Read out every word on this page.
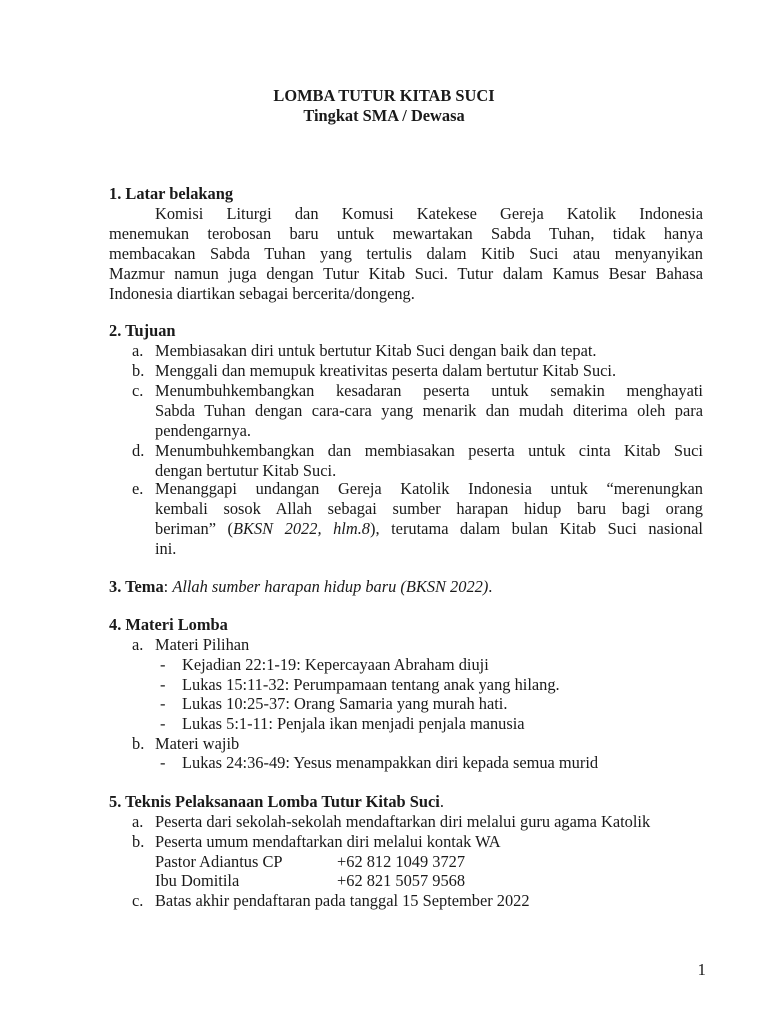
LOMBA TUTUR KITAB SUCI
Tingkat SMA / Dewasa
1. Latar belakang
Komisi Liturgi dan Komusi Katekese Gereja Katolik Indonesia
menemukan terobosan baru untuk mewartakan Sabda Tuhan, tidak hanya
membacakan Sabda Tuhan yang tertulis dalam Kitib Suci atau menyanyikan
Mazmur namun juga dengan Tutur Kitab Suci. Tutur dalam Kamus Besar Bahasa
Indonesia diartikan sebagai bercerita/dongeng.
2. Tujuan
a. Membiasakan diri untuk bertutur Kitab Suci dengan baik dan tepat.
b. Menggali dan memupuk kreativitas peserta dalam bertutur Kitab Suci.
c. Menumbuhkembangkan kesadaran peserta untuk semakin menghayati
Sabda Tuhan dengan cara-cara yang menarik dan mudah diterima oleh para
pendengarnya.
d. Menumbuhkembangkan dan membiasakan peserta untuk cinta Kitab Suci
dengan bertutur Kitab Suci.
e. Menanggapi undangan Gereja Katolik Indonesia untuk “merenungkan
kembali sosok Allah sebagai sumber harapan hidup baru bagi orang
beriman” (BKSN 2022, hlm.8), terutama dalam bulan Kitab Suci nasional
ini.
3. Tema: Allah sumber harapan hidup baru (BKSN 2022).
4. Materi Lomba
a. Materi Pilihan
- Kejadian 22:1-19: Kepercayaan Abraham diuji
- Lukas 15:11-32: Perumpamaan tentang anak yang hilang.
- Lukas 10:25-37: Orang Samaria yang murah hati.
- Lukas 5:1-11: Penjala ikan menjadi penjala manusia
b. Materi wajib
- Lukas 24:36-49: Yesus menampakkan diri kepada semua murid
5. Teknis Pelaksanaan Lomba Tutur Kitab Suci.
a. Peserta dari sekolah-sekolah mendaftarkan diri melalui guru agama Katolik
b. Peserta umum mendaftarkan diri melalui kontak WA
Pastor Adiantus CP	+62 812 1049 3727
Ibu Domitila	+62 821 5057 9568
c. Batas akhir pendaftaran pada tanggal 15 September 2022
1
